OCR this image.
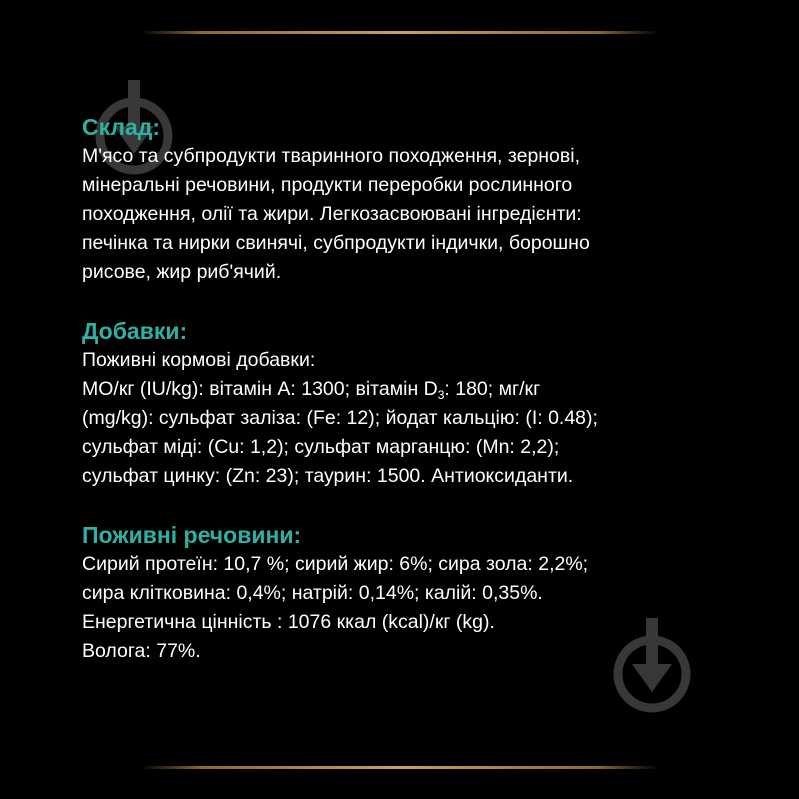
Склад:

М'ясо та субпродукти тваринного походження, зернові,
мінеральні речовини, продукти переробки рослинного
походження, олії та жири. Легкозасвоювані інгредієнти:
печінка та нирки свинячі, субпродукти індички, борошно
рисове, жир риб'ячий.

Добавки:

Поживні кормові добавки:
МО/кг (IU/kg): вітамін А: 1300; вітамін $D_3$: 180; мг/кг
(mg/kg): сульфат заліза: (Fe: 12); йодат кальцію: (I: 0.48);
сульфат міді: (Cu: 1,2); сульфат марганцю: (Mn: 2,2);
сульфат цинку: (Zn: 23); таурин: 1500. Антиоксиданти.

Поживні речовини:

Сирий протеїн: 10,7 %; сирий жир: 6%; сира зола: 2,2%;
сира клітковина: 0,4%; натрій: 0,14%; калій: 0,35%.
Енергетична цінність : 1076 ккал (kcal)/кг (kg).
Волога: 77%.
